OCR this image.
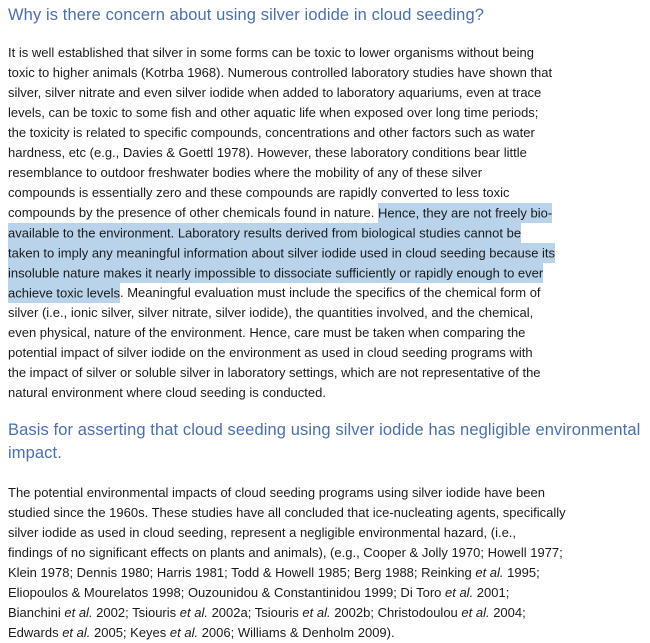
Why is there concern about using silver iodide in cloud seeding?
It is well established that silver in some forms can be toxic to lower organisms without being
toxic to higher animals (Kotrba 1968). Numerous controlled laboratory studies have shown that
silver, silver nitrate and even silver iodide when added to laboratory aquariums, even at trace
levels, can be toxic to some fish and other aquatic life when exposed over long time periods;
the toxicity is related to specific compounds, concentrations and other factors such as water
hardness, etc (e.g., Davies & Goettl 1978). However, these laboratory conditions bear little
resemblance to outdoor freshwater bodies where the mobility of any of these silver
compounds is essentially zero and these compounds are rapidly converted to less toxic
compounds by the presence of other chemicals found in nature. Hence, they are not freely bio-
available to the environment. Laboratory results derived from biological studies cannot be
taken to imply any meaningful information about silver iodide used in cloud seeding because its
insoluble nature makes it nearly impossible to dissociate sufficiently or rapidly enough to ever
achieve toxic levels. Meaningful evaluation must include the specifics of the chemical form of
silver (i.e., ionic silver, silver nitrate, silver iodide), the quantities involved, and the chemical,
even physical, nature of the environment. Hence, care must be taken when comparing the
potential impact of silver iodide on the environment as used in cloud seeding programs with
the impact of silver or soluble silver in laboratory settings, which are not representative of the
natural environment where cloud seeding is conducted.
Basis for asserting that cloud seeding using silver iodide has negligible environmental
impact.
The potential environmental impacts of cloud seeding programs using silver iodide have been
studied since the 1960s. These studies have all concluded that ice-nucleating agents, specifically
silver iodide as used in cloud seeding, represent a negligible environmental hazard, (i.e.,
findings of no significant effects on plants and animals), (e.g., Cooper & Jolly 1970; Howell 1977;
Klein 1978; Dennis 1980; Harris 1981; Todd & Howell 1985; Berg 1988; Reinking et al. 1995;
Eliopoulos & Mourelatos 1998; Ouzounidou & Constantinidou 1999; Di Toro et al. 2001;
Bianchini et al. 2002; Tsiouris et al. 2002a; Tsiouris et al. 2002b; Christodoulou et al. 2004;
Edwards et al. 2005; Keyes et al. 2006; Williams & Denholm 2009).
